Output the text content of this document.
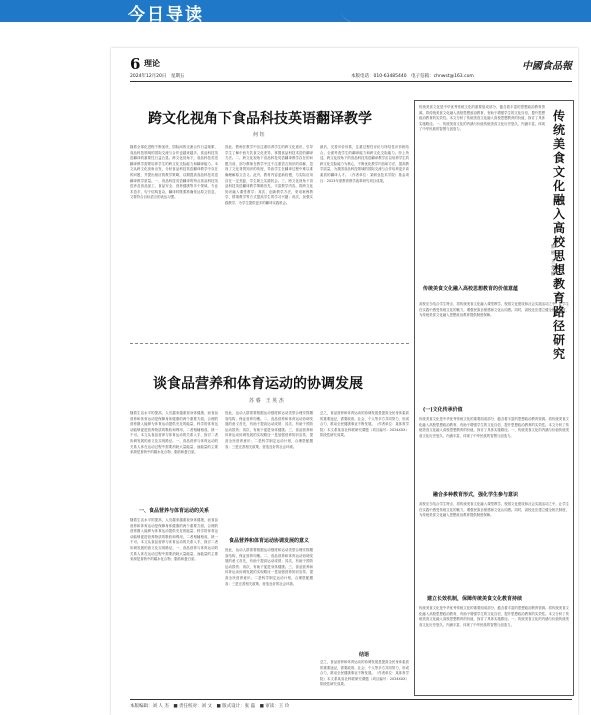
今日导读
6 理论
2024年12月20日　星期五	本版电话：010-63485440　电子信箱：chnwst@163.com
中國食品報
跨文化视角下食品科技英语翻译教学
何 钰
随着全球化进程不断加快，国际间的交流合作日益频繁，食品科技领域的国际交流与合作也越来越多，食品科技英语翻译的重要性日益凸显。跨文化视角下，食品科技英语翻译教学需要培养学生的跨文化交际能力和翻译能力。本文从跨文化视角出发，分析食品科技英语翻译教学中存在的问题，并提出相应的教学策略，以期提高食品科技英语翻译教学质量。一、食品科技英语翻译的特点食品科技英语涉及食品加工、食品安全、营养健康等多个领域，专业术语多，句子结构复杂，翻译时既要准确传达原文信息，又要符合目标语言的表达习惯。
因此，教师在教学中应注重培养学生的跨文化意识，引导学生了解中西方饮食文化差异，掌握食品科技术语的翻译方法。二、跨文化视角下食品科技英语翻译教学存在的问题当前，部分教师在教学中过于注重语言知识的讲解，忽视了文化背景知识的传授，导致学生在翻译过程中难以准确理解原文含义。此外，教材内容更新较慢，与实际应用存在一定差距，学生缺乏实践机会。三、跨文化视角下食品科技英语翻译教学策略首先，丰富教学内容，将跨文化知识融入课堂教学；其次，创新教学方法，采用案例教学、情境教学等方式提高学生的学习兴趣；再次，加强实践教学，为学生提供更多的翻译实践机会。
最后，完善评价体系，注重过程性评价与终结性评价相结合，全面考查学生的翻译能力和跨文化交际能力。综上所述，跨文化视角下的食品科技英语翻译教学应以培养学生的跨文化交际能力为核心，不断优化教学内容和方法，提高教学质量，为我国食品科技领域的国际交流与合作培养更多高素质的翻译人才。（作者单位：某职业技术学院）基金项目：2023年度教育教学改革研究项目成果。
谈食品营养和体育运动的协调发展
苏 睿　王 英 杰
随着生活水平的提高，人们越来越重视身体健康，而食品营养和体育运动是保障身体健康的两个重要方面。合理的营养摄入能够为体育运动提供充足的能量，科学的体育运动能够促进营养物质的吸收和利用，二者相辅相成，缺一不可。本文从食品营养与体育运动的关系入手，探讨二者协调发展的意义及实现路径。一、食品营养与体育运动的关系人体在运动过程中需要消耗大量能量，而能量的主要来源是食物中的碳水化合物、脂肪和蛋白质。
一、食品营养与体育运动的关系
随着生活水平的提高，人们越来越重视身体健康，而食品营养和体育运动是保障身体健康的两个重要方面。合理的营养摄入能够为体育运动提供充足的能量，科学的体育运动能够促进营养物质的吸收和利用，二者相辅相成，缺一不可。本文从食品营养与体育运动的关系入手，探讨二者协调发展的意义及实现路径。一、食品营养与体育运动的关系人体在运动过程中需要消耗大量能量，而能量的主要来源是食物中的碳水化合物、脂肪和蛋白质。
因此，运动人群需要根据运动强度和运动类型合理安排膳食结构，保证营养均衡。二、食品营养和体育运动协调发展的意义首先，有助于提高运动成绩；其次，有助于预防运动损伤；再次，有助于促进身体健康。三、食品营养和体育运动协调发展的实现路径一是加强营养知识宣传，提高全民营养意识；二是科学制定运动计划，合理搭配膳食；三是完善相关政策，营造良好的社会环境。
食品营养和体育运动协调发展的意义
因此，运动人群需要根据运动强度和运动类型合理安排膳食结构，保证营养均衡。二、食品营养和体育运动协调发展的意义首先，有助于提高运动成绩；其次，有助于预防运动损伤；再次，有助于促进身体健康。三、食品营养和体育运动协调发展的实现路径一是加强营养知识宣传，提高全民营养意识；二是科学制定运动计划，合理搭配膳食；三是完善相关政策，营造良好的社会环境。
总之，食品营养和体育运动的协调发展是提高全民身体素质的重要途径，需要政府、社会、个人等多方共同努力，形成合力，推动全民健康事业不断发展。（作者单位：某体育学院）本文系某省社科联研究课题（项目编号：2024XXX）阶段性研究成果。
结语
总之，食品营养和体育运动的协调发展是提高全民身体素质的重要途径，需要政府、社会、个人等多方共同努力，形成合力，推动全民健康事业不断发展。（作者单位：某体育学院）本文系某省社科联研究课题（项目编号：2024XXX）阶段性研究成果。
传统美食文化融入高校思想教育路径研究
郭 丽　王 金 丽
传统美食文化是中华优秀传统文化的重要组成部分，蕴含着丰富的思想政治教育资源。将传统美食文化融入高校思想政治教育，有助于增强学生的文化自信，提升思想政治教育的实效性。本文分析了传统美食文化融入高校思想教育的价值，探讨了具体实施路径。一、传统美食文化的内涵与价值传统美食文化历史悠久、内涵丰富，体现了中华民族的智慧与创造力。
传统美食文化融入高校思想教育的价值意蕴
高校应当结合学生特点，将传统美食文化融入课堂教学、校园文化建设和社会实践活动之中，让学生在实践中感受传统文化的魅力，增强民族自豪感和文化认同感。同时，高校还应建立健全相关制度，为传统美食文化融入思想政治教育提供制度保障。
(一)文化传承价值
传统美食文化是中华优秀传统文化的重要组成部分，蕴含着丰富的思想政治教育资源。将传统美食文化融入高校思想政治教育，有助于增强学生的文化自信，提升思想政治教育的实效性。本文分析了传统美食文化融入高校思想教育的价值，探讨了具体实施路径。一、传统美食文化的内涵与价值传统美食文化历史悠久、内涵丰富，体现了中华民族的智慧与创造力。
融合多种教育形式，强化学生参与意识
高校应当结合学生特点，将传统美食文化融入课堂教学、校园文化建设和社会实践活动之中，让学生在实践中感受传统文化的魅力，增强民族自豪感和文化认同感。同时，高校还应建立健全相关制度，为传统美食文化融入思想政治教育提供制度保障。
建立长效机制，保障传统美食文化教育持续
传统美食文化是中华优秀传统文化的重要组成部分，蕴含着丰富的思想政治教育资源。将传统美食文化融入高校思想政治教育，有助于增强学生的文化自信，提升思想政治教育的实效性。本文分析了传统美食文化融入高校思想教育的价值，探讨了具体实施路径。一、传统美食文化的内涵与价值传统美食文化历史悠久、内涵丰富，体现了中华民族的智慧与创造力。
本版编辑：刘 人 杰　■ 责任校对：刘 文　■ 版式设计：张 磊　■ 审读：王 玲
